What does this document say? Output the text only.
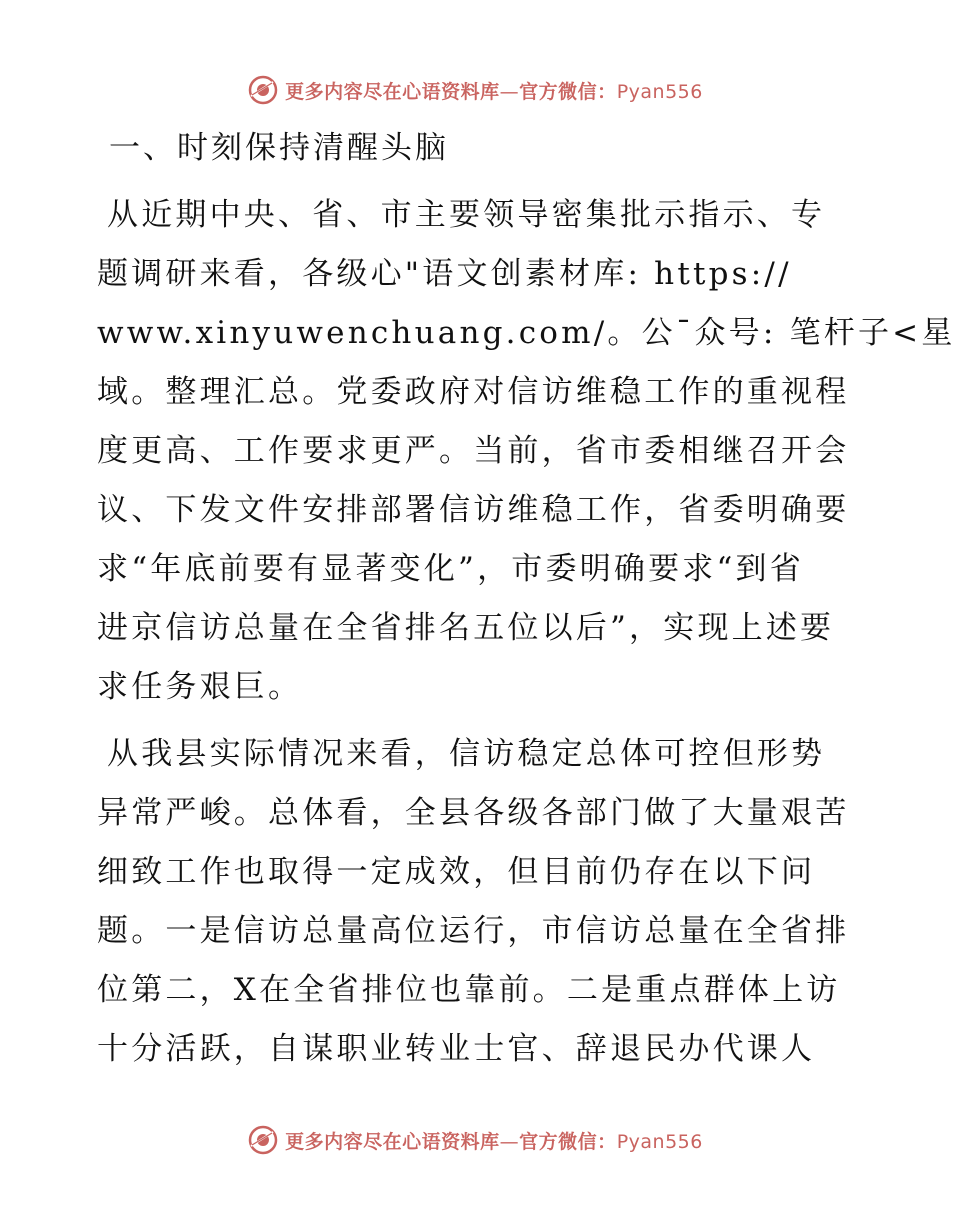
更多内容尽在心语资料库—官方微信：Pyan556
一、时刻保持清醒头脑

从近期中央、省、市主要领导密集批示指示、专
题调研来看，各级心"语文创素材库: https://
www.xinyuwenchuang.com/。公¯众号: 笔杆子<星
域。整理汇总。党委政府对信访维稳工作的重视程
度更高、工作要求更严。当前，省市委相继召开会
议、下发文件安排部署信访维稳工作，省委明确要
求“年底前要有显著变化”，市委明确要求“到省
进京信访总量在全省排名五位以后”，实现上述要
求任务艰巨。

从我县实际情况来看，信访稳定总体可控但形势
异常严峻。总体看，全县各级各部门做了大量艰苦
细致工作也取得一定成效，但目前仍存在以下问
题。一是信访总量高位运行，市信访总量在全省排
位第二，X在全省排位也靠前。二是重点群体上访
十分活跃，自谋职业转业士官、辞退民办代课人

更多内容尽在心语资料库—官方微信：Pyan556
